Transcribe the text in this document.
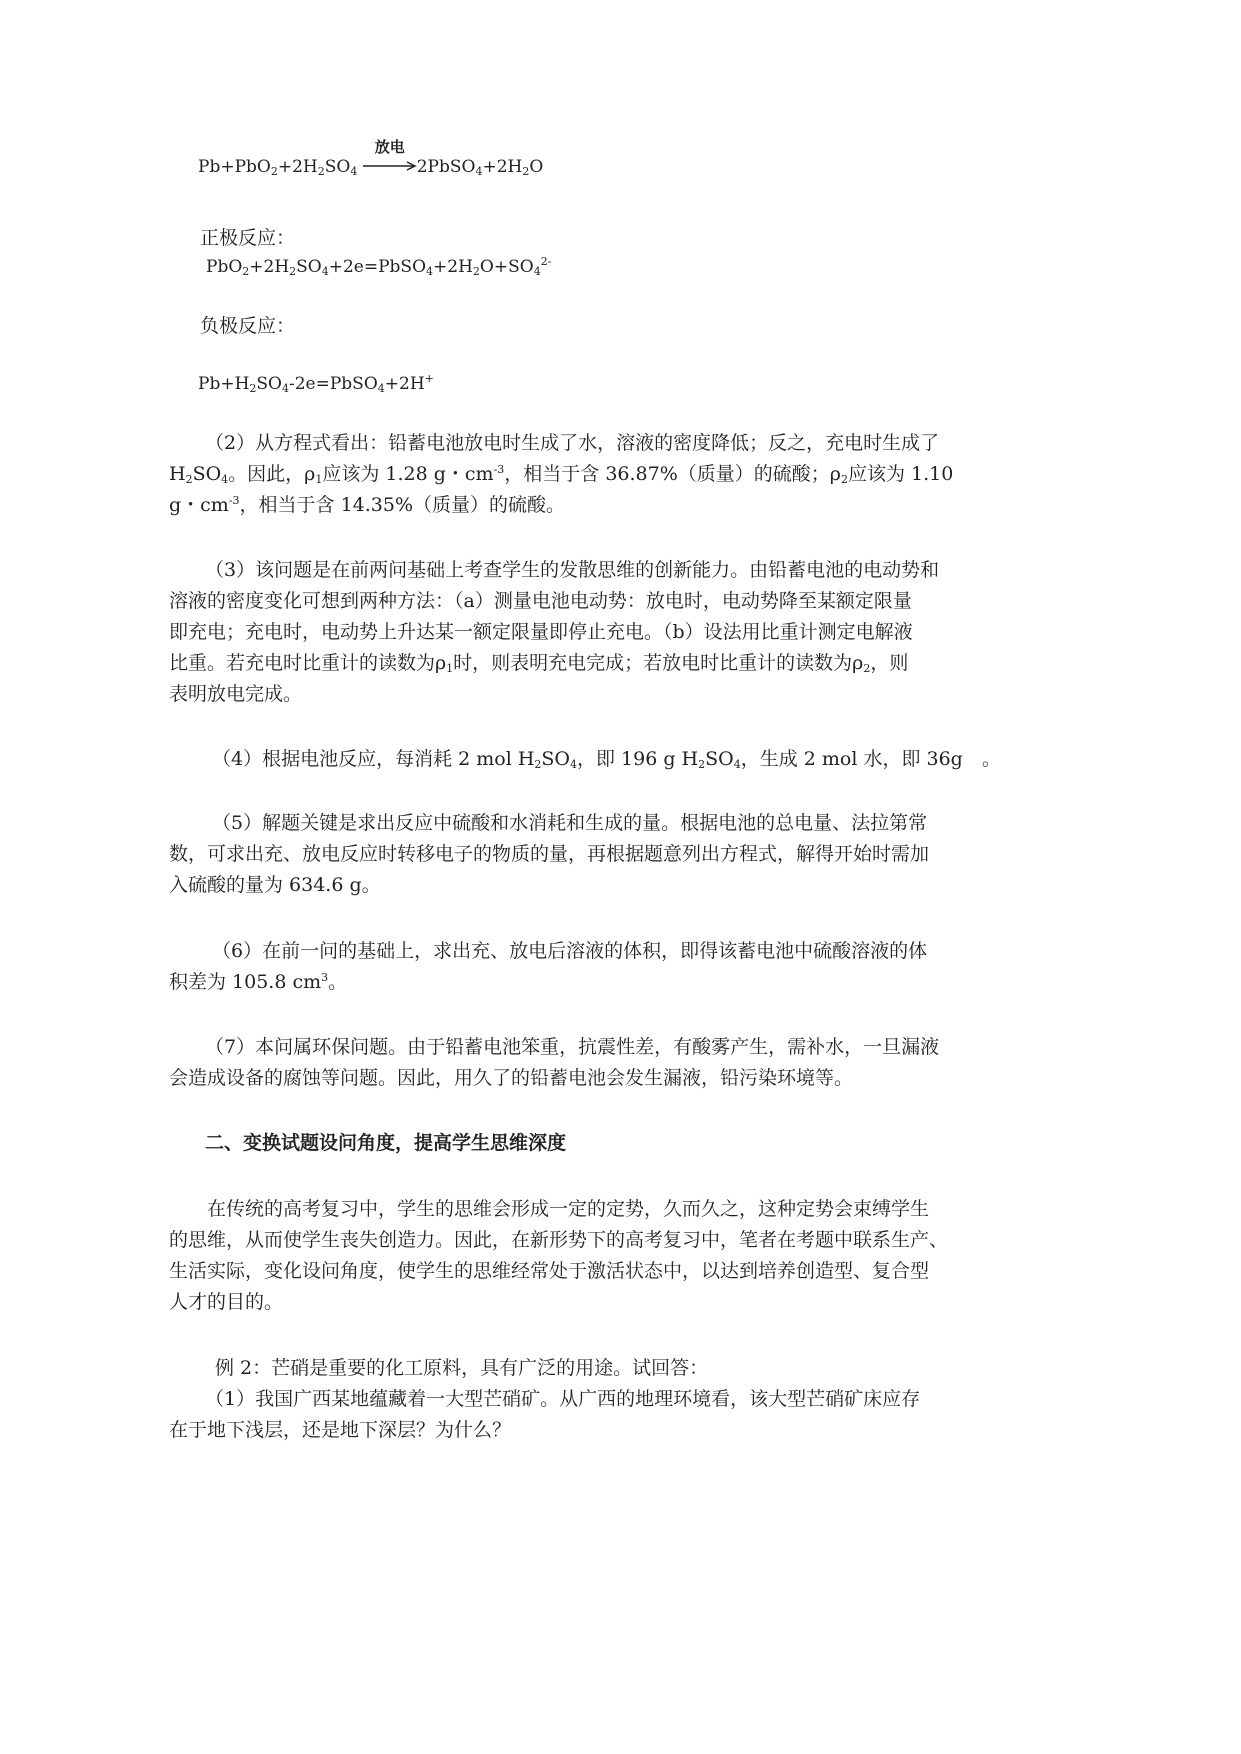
$Pb+PbO_2+2H_2SO_4$
放电
$2PbSO_4+2H_2O$
正极反应：
$PbO_2+2H_2SO_4+2e=PbSO_4+2H_2O+SO_4^{2-}$
负极反应：
$Pb+H_2SO_4-2e=PbSO_4+2H^+$
（2）从方程式看出：铅蓄电池放电时生成了水，溶液的密度降低；反之，充电时生成了
$H_2SO_4$。因此，$\rho_1$应该为 1.28 g・$cm^{-3}$，相当于含 36.87%（质量）的硫酸；$\rho_2$应该为 1.10
g・$cm^{-3}$，相当于含 14.35%（质量）的硫酸。
（3）该问题是在前两问基础上考查学生的发散思维的创新能力。由铅蓄电池的电动势和
溶液的密度变化可想到两种方法：（a）测量电池电动势：放电时，电动势降至某额定限量
即充电；充电时，电动势上升达某一额定限量即停止充电。（b）设法用比重计测定电解液
比重。若充电时比重计的读数为$\rho_1$时，则表明充电完成；若放电时比重计的读数为$\rho_2$，则
表明放电完成。
（4）根据电池反应，每消耗 2 mol $H_2SO_4$，即 196 g $H_2SO_4$，生成 2 mol 水，即 36g　。
（5）解题关键是求出反应中硫酸和水消耗和生成的量。根据电池的总电量、法拉第常
数，可求出充、放电反应时转移电子的物质的量，再根据题意列出方程式，解得开始时需加
入硫酸的量为 634.6 g。
（6）在前一问的基础上，求出充、放电后溶液的体积，即得该蓄电池中硫酸溶液的体
积差为 105.8 $cm^3$。
（7）本问属环保问题。由于铅蓄电池笨重，抗震性差，有酸雾产生，需补水，一旦漏液
会造成设备的腐蚀等问题。因此，用久了的铅蓄电池会发生漏液，铅污染环境等。
二、变换试题设问角度，提高学生思维深度
在传统的高考复习中，学生的思维会形成一定的定势，久而久之，这种定势会束缚学生
的思维，从而使学生丧失创造力。因此，在新形势下的高考复习中，笔者在考题中联系生产、
生活实际，变化设问角度，使学生的思维经常处于激活状态中，以达到培养创造型、复合型
人才的目的。
例 2：芒硝是重要的化工原料，具有广泛的用途。试回答：
（1）我国广西某地蕴藏着一大型芒硝矿。从广西的地理环境看，该大型芒硝矿床应存
在于地下浅层，还是地下深层？为什么？
